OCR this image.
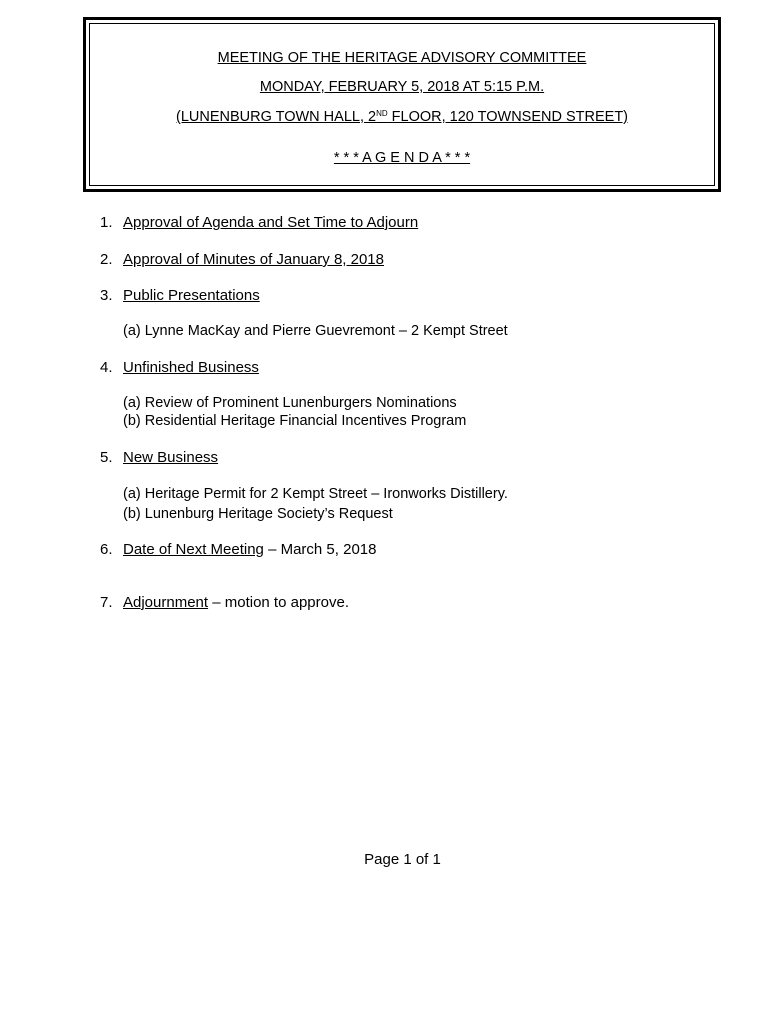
MEETING OF THE HERITAGE ADVISORY COMMITTEE
MONDAY, FEBRUARY 5, 2018 AT 5:15 P.M.
(LUNENBURG TOWN HALL, 2ND FLOOR, 120 TOWNSEND STREET)
* * * A G E N D A * * *
1. Approval of Agenda and Set Time to Adjourn
2. Approval of Minutes of January 8, 2018
3. Public Presentations
(a) Lynne MacKay and Pierre Guevremont – 2 Kempt Street
4. Unfinished Business
(a) Review of Prominent Lunenburgers Nominations
(b) Residential Heritage Financial Incentives Program
5. New Business
(a) Heritage Permit for 2 Kempt Street – Ironworks Distillery.
(b) Lunenburg Heritage Society’s Request
6. Date of Next Meeting – March 5, 2018
7. Adjournment – motion to approve.
Page 1 of 1
